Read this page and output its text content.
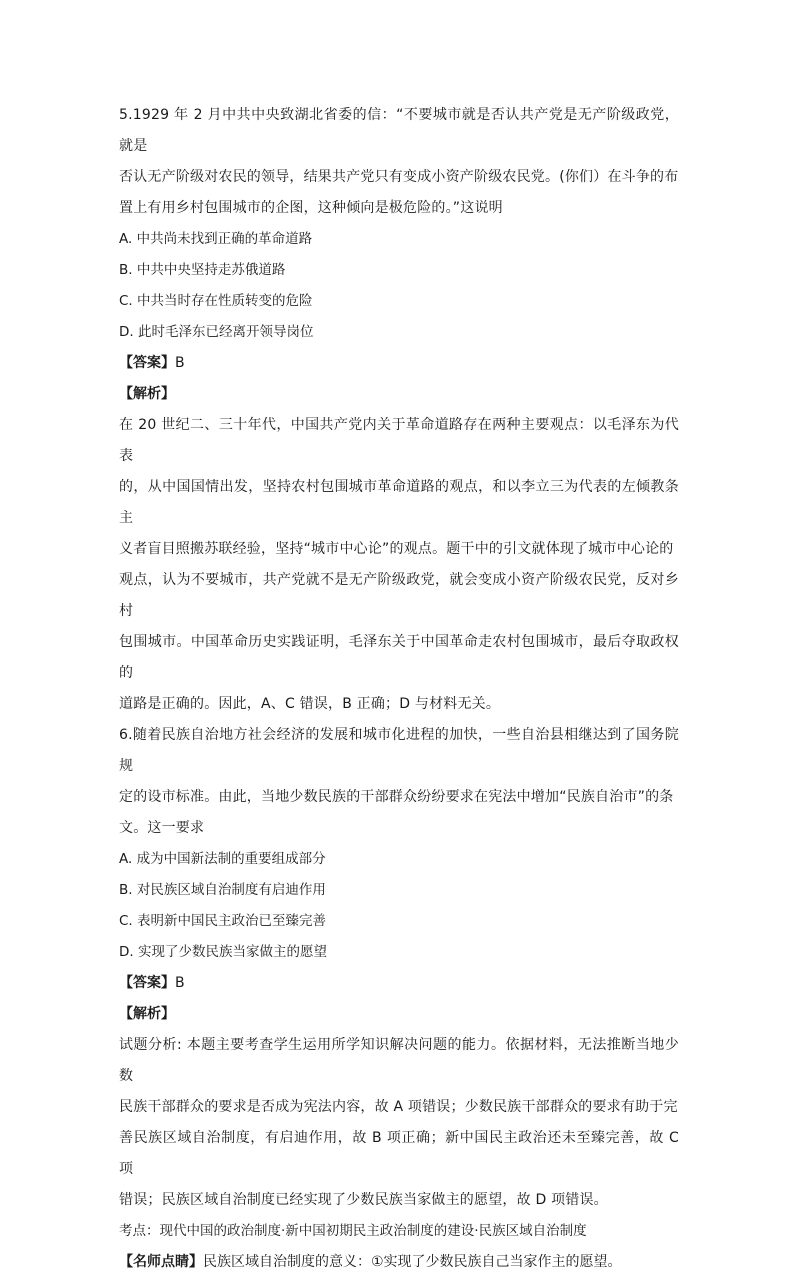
5.1929 年 2 月中共中央致湖北省委的信：“不要城市就是否认共产党是无产阶级政党，就是

否认无产阶级对农民的领导，结果共产党只有变成小资产阶级农民党。(你们）在斗争的布

置上有用乡村包围城市的企图，这种倾向是极危险的。”这说明

A. 中共尚未找到正确的革命道路

B. 中共中央坚持走苏俄道路

C. 中共当时存在性质转变的危险

D. 此时毛泽东已经离开领导岗位

【答案】B

【解析】

在 20 世纪二、三十年代，中国共产党内关于革命道路存在两种主要观点：以毛泽东为代表

的，从中国国情出发，坚持农村包围城市革命道路的观点，和以李立三为代表的左倾教条主

义者盲目照搬苏联经验，坚持“城市中心论”的观点。题干中的引文就体现了城市中心论的

观点，认为不要城市，共产党就不是无产阶级政党，就会变成小资产阶级农民党，反对乡村

包围城市。中国革命历史实践证明，毛泽东关于中国革命走农村包围城市，最后夺取政权的

道路是正确的。因此，A、C 错误，B 正确；D 与材料无关。

6.随着民族自治地方社会经济的发展和城市化进程的加快，一些自治县相继达到了国务院规

定的设市标准。由此，当地少数民族的干部群众纷纷要求在宪法中增加“民族自治市”的条

文。这一要求

A. 成为中国新法制的重要组成部分

B. 对民族区域自治制度有启迪作用

C. 表明新中国民主政治已至臻完善

D. 实现了少数民族当家做主的愿望

【答案】B

【解析】

试题分析: 本题主要考查学生运用所学知识解决问题的能力。依据材料，无法推断当地少数

民族干部群众的要求是否成为宪法内容，故 A 项错误；少数民族干部群众的要求有助于完

善民族区域自治制度，有启迪作用，故 B 项正确；新中国民主政治还未至臻完善，故 C 项

错误；民族区域自治制度已经实现了少数民族当家做主的愿望，故 D 项错误。

考点：现代中国的政治制度·新中国初期民主政治制度的建设·民族区域自治制度

【名师点睛】民族区域自治制度的意义：①实现了少数民族自己当家作主的愿望。
